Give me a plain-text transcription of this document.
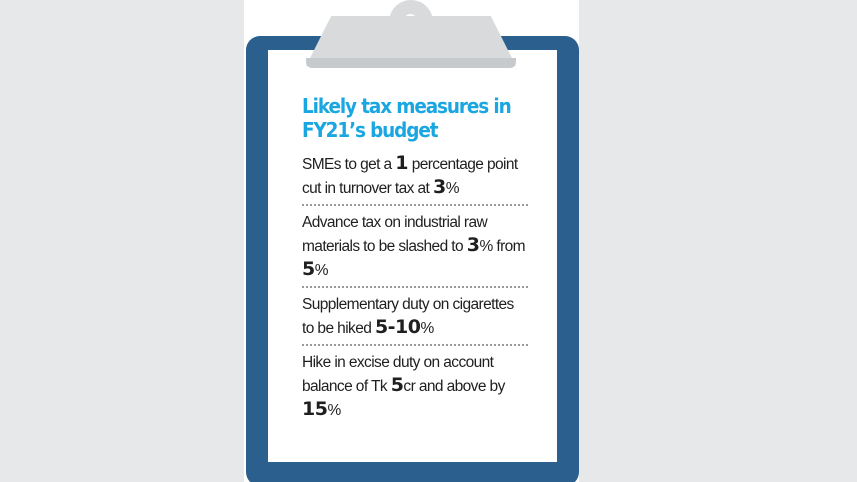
Likely tax measures in
FY21’s budget
SMEs to get a 1 percentage point cut in turnover tax at 3%
Advance tax on industrial raw materials to be slashed to 3% from 5%
Supplementary duty on cigarettes to be hiked 5-10%
Hike in excise duty on account balance of Tk 5cr and above by 15%
